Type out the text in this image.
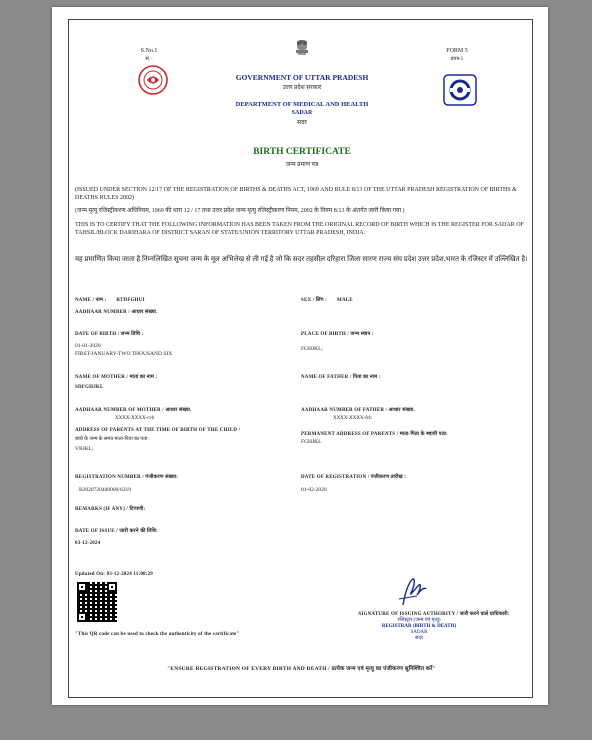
S.No.1
सं. :
GOVERNMENT OF UTTAR PRADESH
उत्तर प्रदेश सरकार
DEPARTMENT OF MEDICAL AND HEALTH
SADAR
सदर
FORM 5
प्रपत्र-5
BIRTH CERTIFICATE
जन्म प्रमाण पत्र
(ISSUED UNDER SECTION 12/17 OF THE REGISTRATION OF BIRTHS & DEATHS ACT, 1969 AND RULE 8/13 OF THE UTTAR PRADESH REGISTRATION OF BIRTHS & DEATHS RULES 2002)
(जन्म मृत्यु रजिस्ट्रीकरण अधिनियम, 1969 की धारा 12 / 17 तथा उत्तर प्रदेश जन्म मृत्यु रजिस्ट्रीकरण नियम, 2002 के नियम 8/13 के अंतर्गत जारी किया गया )
THIS IS TO CERTIFY THAT THE FOLLOWING INFORMATION HAS BEEN TAKEN FROM THE ORIGINAL RECORD OF BIRTH WHICH IS THE REGISTER FOR SADAR OF TAHSIL/BLOCK DARIHARA OF DISTRICT SARAN OF STATE/UNION TERRITORY UTTAR PRADESH, INDIA.
यह प्रमाणित किया जाता है निम्नलिखित सूचना जन्म के मूल अभिलेख से ली गई है जो कि सदर तहसील दरिहारा जिला सारण राज्य संघ प्रदेश उत्तर प्रदेश,भारत के रजिस्टर में उल्लिखित है।
NAME / नाम : RTDFGHUI	SEX / लिंग : MALE
AADHAAR NUMBER / आधार संख्या.
DATE OF BIRTH / जन्म तिथि :
01-01-2020
FIRST-JANUARY-TWO THOUSAND SIX
PLACE OF BIRTH / जन्म स्थान :
FGHJKL;
NAME OF MOTHER / माता का नाम :
SDFGHJKL
NAME OF FATHER / पिता का नाम :
AADHAAR NUMBER OF MOTHER / आधार संख्या.
XXXX-XXXX-cvb
AADHAAR NUMBER OF FATHER / आधार संख्या.
XXXX-XXXX-fch
ADDRESS OF PARENTS AT THE TIME OF BIRTH OF THE CHILD /
बच्चे के जन्म के समय माता-पिता का पता:
VBJKL;
PERMANENT ADDRESS OF PARENTS / माता-पिता के स्थायी पता:
FGHJKL
REGISTRATION NUMBER / पंजीकरण संख्या:
B2020720400000/6319
DATE OF REGISTRATION / पंजीकरण तारीख :
01-02-2020
REMARKS (IF ANY) / टिप्पणी:
DATE OF ISSUE / जारी करने की तिथि:
03-12-2024
Updated On: 03-12-2024 11:08:29
"This QR code can be used to check the authenticity of the certificate"
SIGNATURE OF ISSUING AUTHORITY / जारी करने वाले प्राधिकारी:
रजिस्ट्रार (जन्म एवं मृत्यु)
REGISTRAR (BIRTH & DEATH)
SADAR
सदर
"ENSURE REGISTRATION OF EVERY BIRTH AND DEATH / प्रत्येक जन्म एवं मृत्यु का पंजीकरण सुनिश्चित करें"
